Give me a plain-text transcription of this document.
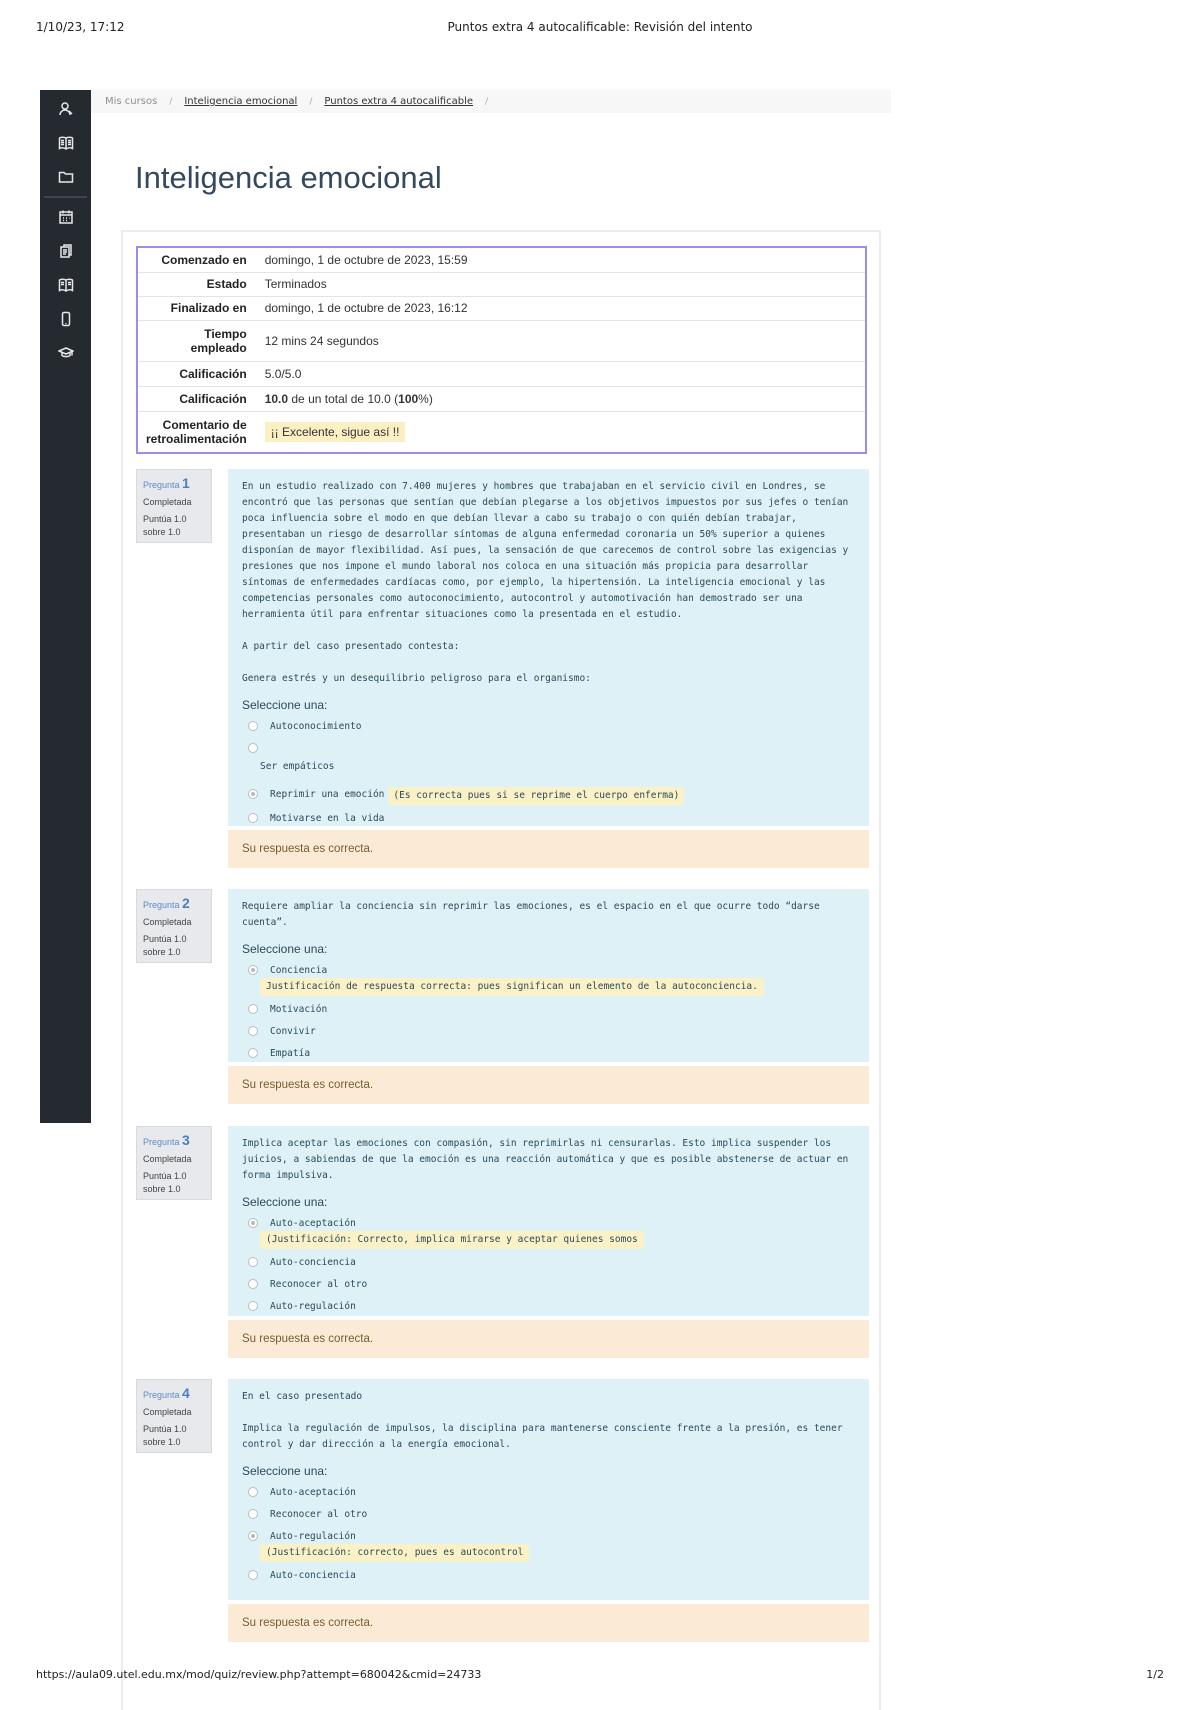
1/10/23, 17:12	Puntos extra 4 autocalificable: Revisión del intento
Mis cursos / Inteligencia emocional / Puntos extra 4 autocalificable /
Inteligencia emocional
Comenzado en	domingo, 1 de octubre de 2023, 15:59
Estado	Terminados
Finalizado en	domingo, 1 de octubre de 2023, 16:12
Tiempo empleado	12 mins 24 segundos
Calificación	5.0/5.0
Calificación	10.0 de un total de 10.0 (100%)
Comentario de retroalimentación	¡¡ Excelente, sigue así !!
Pregunta 1
Completada
Puntúa 1.0 sobre 1.0

En un estudio realizado con 7.400 mujeres y hombres que trabajaban en el servicio civil en Londres, se encontró que las personas que sentían que debían plegarse a los objetivos impuestos por sus jefes o tenían poca influencia sobre el modo en que debían llevar a cabo su trabajo o con quién debían trabajar, presentaban un riesgo de desarrollar síntomas de alguna enfermedad coronaria un 50% superior a quienes disponían de mayor flexibilidad. Así pues, la sensación de que carecemos de control sobre las exigencias y presiones que nos impone el mundo laboral nos coloca en una situación más propicia para desarrollar síntomas de enfermedades cardíacas como, por ejemplo, la hipertensión. La inteligencia emocional y las competencias personales como autoconocimiento, autocontrol y automotivación han demostrado ser una herramienta útil para enfrentar situaciones como la presentada en el estudio.

A partir del caso presentado contesta:

Genera estrés y un desequilibrio peligroso para el organismo:

Seleccione una:
Autoconocimiento
Ser empáticos
Reprimir una emoción (Es correcta pues si se reprime el cuerpo enferma)
Motivarse en la vida
Su respuesta es correcta.
Pregunta 2
Completada
Puntúa 1.0 sobre 1.0

Requiere ampliar la conciencia sin reprimir las emociones, es el espacio en el que ocurre todo “darse cuenta”.

Seleccione una:
Conciencia
Justificación de respuesta correcta: pues significan un elemento de la autoconciencia.
Motivación
Convivir
Empatía
Su respuesta es correcta.
Pregunta 3
Completada
Puntúa 1.0 sobre 1.0

Implica aceptar las emociones con compasión, sin reprimirlas ni censurarlas. Esto implica suspender los juicios, a sabiendas de que la emoción es una reacción automática y que es posible abstenerse de actuar en forma impulsiva.

Seleccione una:
Auto-aceptación
(Justificación: Correcto, implica mirarse y aceptar quienes somos
Auto-conciencia
Reconocer al otro
Auto-regulación
Su respuesta es correcta.
Pregunta 4
Completada
Puntúa 1.0 sobre 1.0

En el caso presentado

Implica la regulación de impulsos, la disciplina para mantenerse consciente frente a la presión, es tener control y dar dirección a la energía emocional.

Seleccione una:
Auto-aceptación
Reconocer al otro
Auto-regulación
(Justificación: correcto, pues es autocontrol
Auto-conciencia
Su respuesta es correcta.
https://aula09.utel.edu.mx/mod/quiz/review.php?attempt=680042&cmid=24733	1/2
